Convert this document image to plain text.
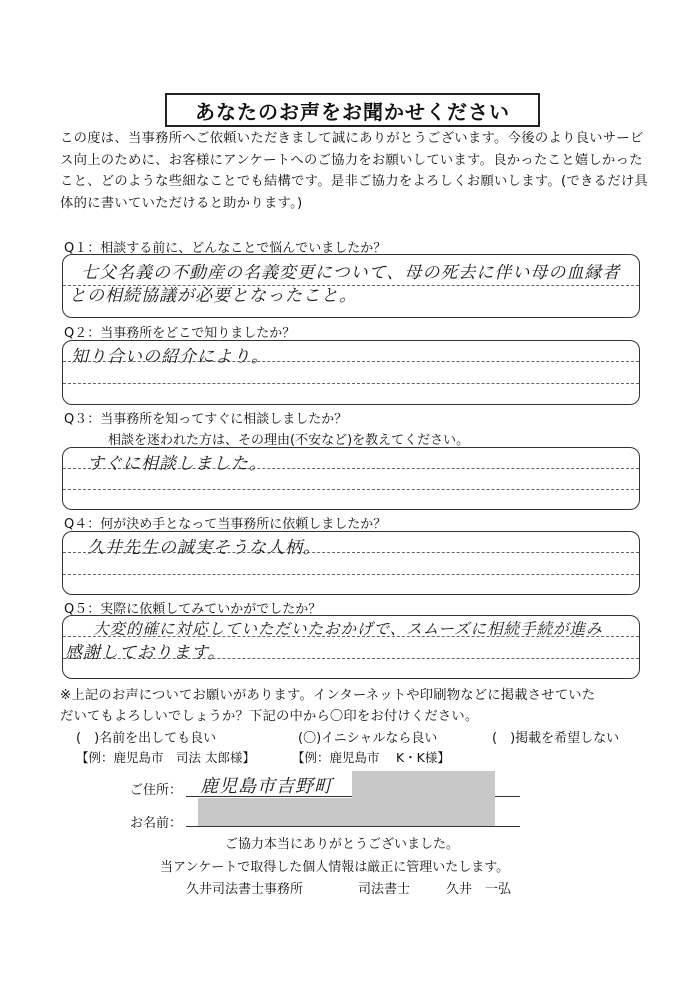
あなたのお声をお聞かせください
この度は、当事務所へご依頼いただきまして誠にありがとうございます。今後のより良いサービス向上のために、お客様にアンケートへのご協力をお願いしています。良かったこと嬉しかったこと、どのような些細なことでも結構です。是非ご協力をよろしくお願いします。(できるだけ具体的に書いていただけると助かります。)
Q１：相談する前に、どんなことで悩んでいましたか？
七父名義の不動産の名義変更について、母の死去に伴い母の血縁者
との相続協議が必要となったこと。
Q２：当事務所をどこで知りましたか？
知り合いの紹介により。
Q３：当事務所を知ってすぐに相談しましたか？
相談を迷われた方は、その理由(不安など)を教えてください。
すぐに相談しました。
Q４：何が決め手となって当事務所に依頼しましたか？
久井先生の誠実そうな人柄。
Q５：実際に依頼してみていかがでしたか？
大変的確に対応していただいたおかげで、スムーズに相続手続が進み
感謝しております。
※上記のお声についてお願いがあります。インターネットや印刷物などに掲載させていた
だいてもよろしいでしょうか？下記の中から〇印をお付けください。
(　)名前を出しても良い	(〇)イニシャルなら良い	(　)掲載を希望しない
【例：鹿児島市　司法 太郎様】	【例：鹿児島市　 K・K様】
ご住所： 鹿児島市吉野町
お名前：
ご協力本当にありがとうございました。
当アンケートで取得した個人情報は厳正に管理いたします。
久井司法書士事務所	司法書士	久井　一弘
